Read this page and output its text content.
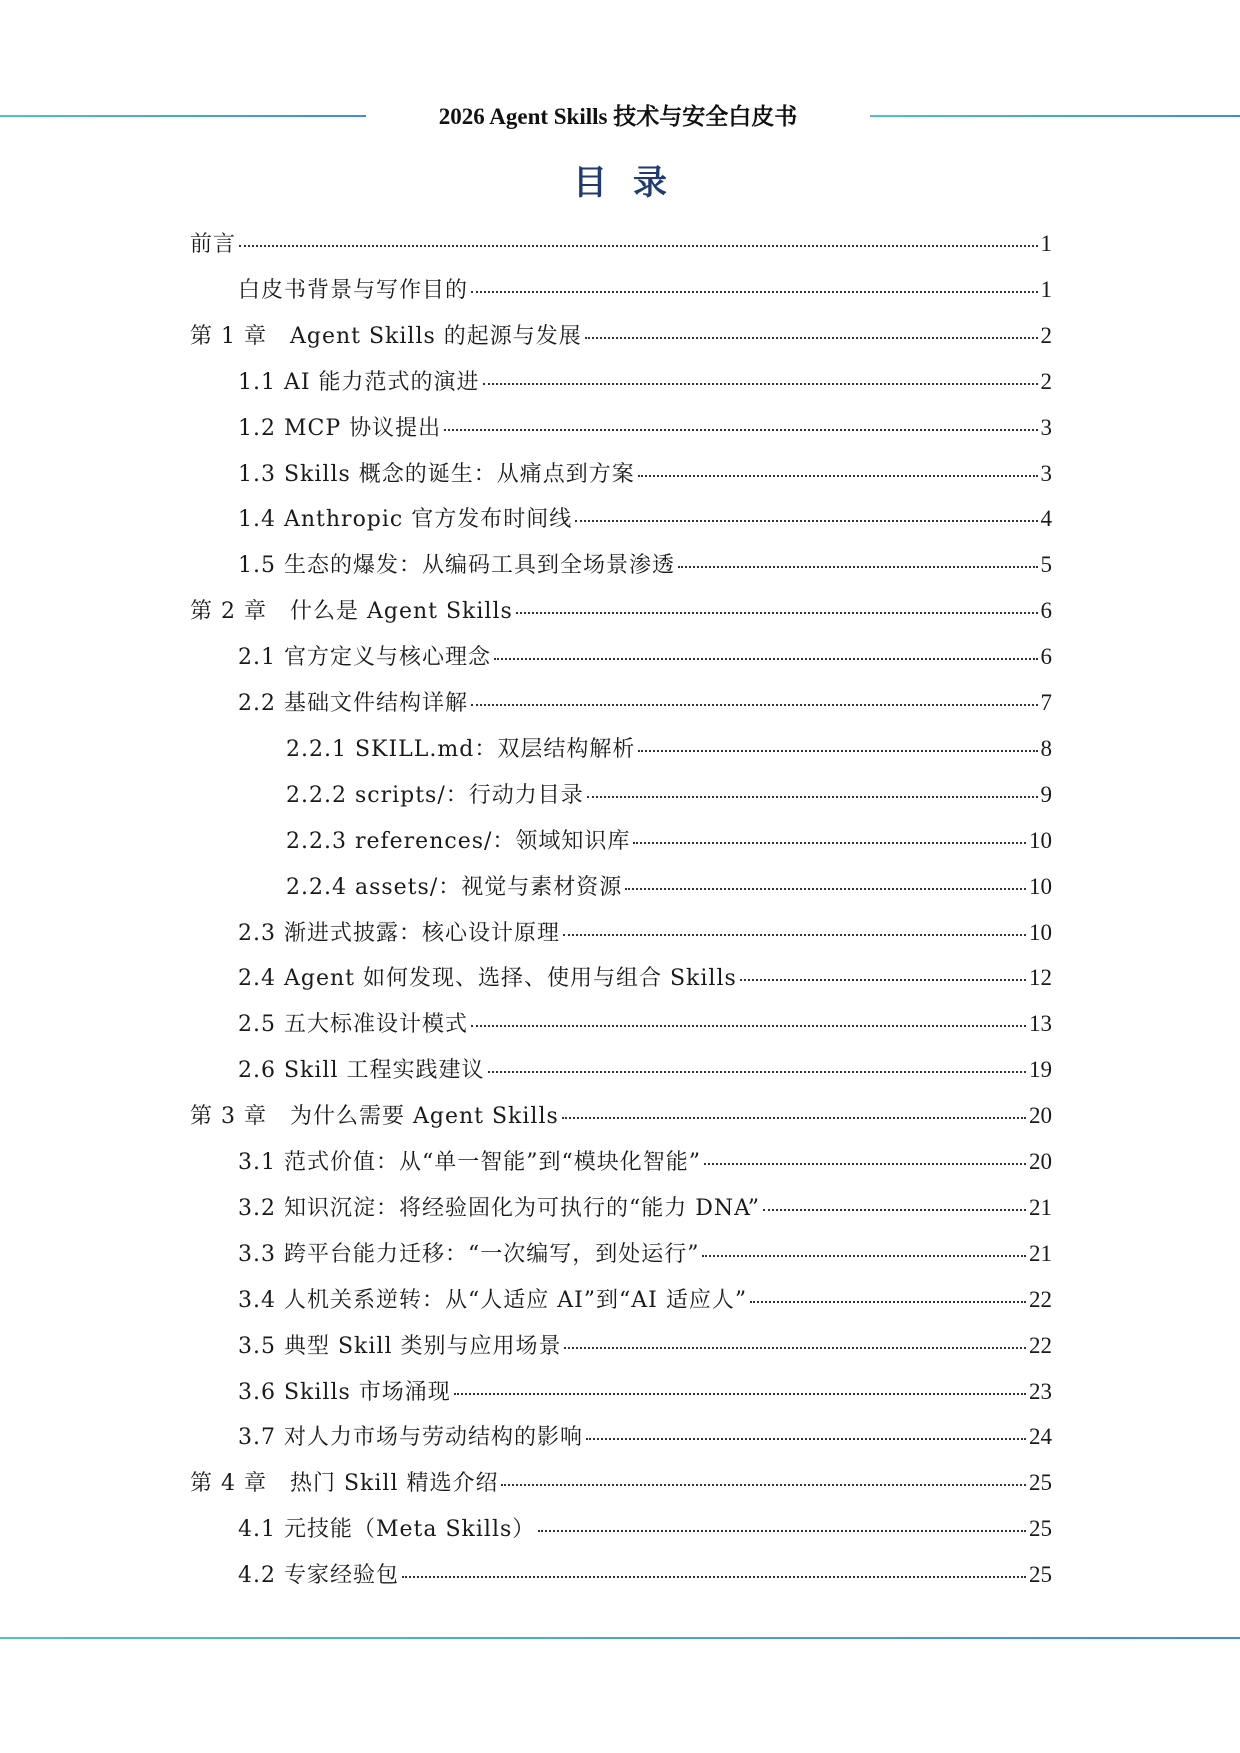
2026 Agent Skills 技术与安全白皮书
目录
前言	1
白皮书背景与写作目的	1
第 1 章　Agent Skills 的起源与发展	2
1.1 AI 能力范式的演进	2
1.2 MCP 协议提出	3
1.3 Skills 概念的诞生：从痛点到方案	3
1.4 Anthropic 官方发布时间线	4
1.5 生态的爆发：从编码工具到全场景渗透	5
第 2 章　什么是 Agent Skills	6
2.1 官方定义与核心理念	6
2.2 基础文件结构详解	7
2.2.1 SKILL.md：双层结构解析	8
2.2.2 scripts/：行动力目录	9
2.2.3 references/：领域知识库	10
2.2.4 assets/：视觉与素材资源	10
2.3 渐进式披露：核心设计原理	10
2.4 Agent 如何发现、选择、使用与组合 Skills	12
2.5 五大标准设计模式	13
2.6 Skill 工程实践建议	19
第 3 章　为什么需要 Agent Skills	20
3.1 范式价值：从“单一智能”到“模块化智能”	20
3.2 知识沉淀：将经验固化为可执行的“能力 DNA”	21
3.3 跨平台能力迁移：“一次编写，到处运行”	21
3.4 人机关系逆转：从“人适应 AI”到“AI 适应人”	22
3.5 典型 Skill 类别与应用场景	22
3.6 Skills 市场涌现	23
3.7 对人力市场与劳动结构的影响	24
第 4 章　热门 Skill 精选介绍	25
4.1 元技能（Meta Skills）	25
4.2 专家经验包	25
